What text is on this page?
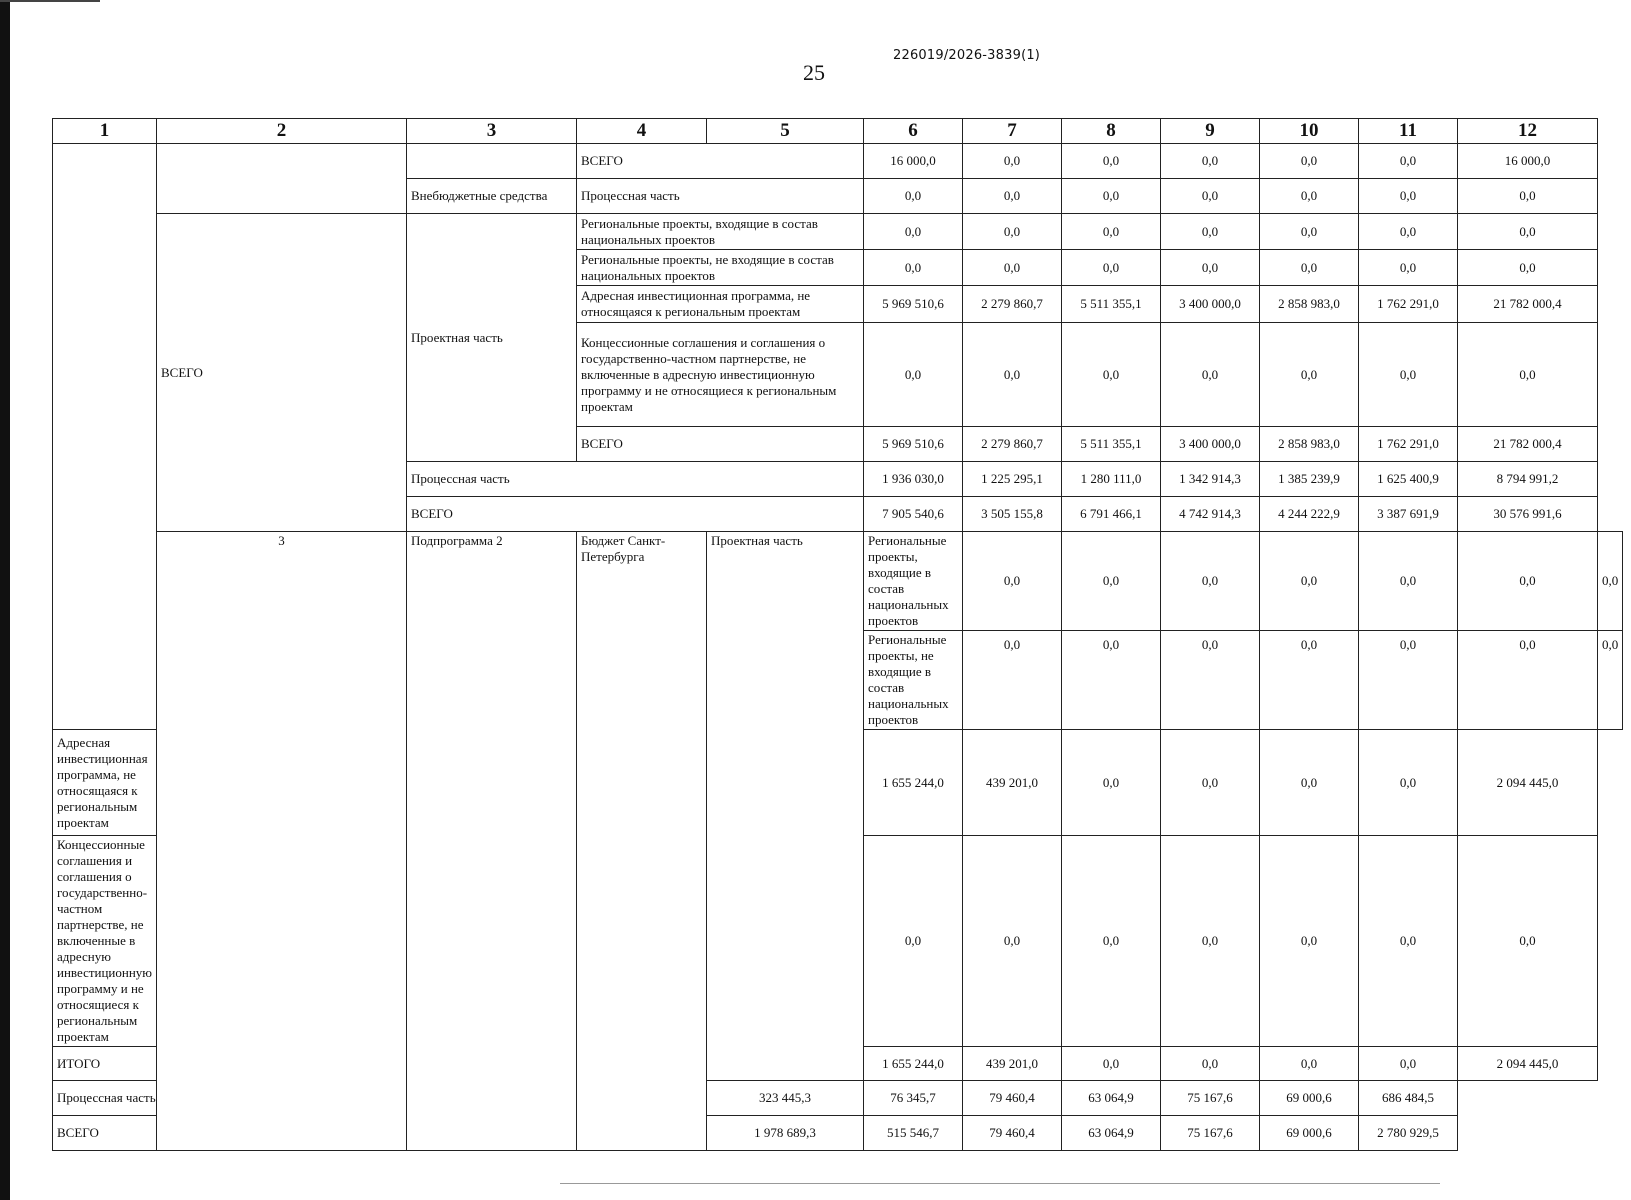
25
226019/2026-3839(1)
1	2	3	4	5	6	7	8	9	10	11	12	
			ВСЕГО		16 000,0	0,0	0,0	0,0	0,0	0,0	16 000,0	
		Внебюджетные средства	Процессная часть		0,0	0,0	0,0	0,0	0,0	0,0	0,0	
	ВСЕГО	Проектная часть	Региональные проекты, входящие в состав национальных проектов		0,0	0,0	0,0	0,0	0,0	0,0	0,0	
			Региональные проекты, не входящие в состав национальных проектов		0,0	0,0	0,0	0,0	0,0	0,0	0,0	
			Адресная инвестиционная программа, не относящаяся к региональным проектам		5 969 510,6	2 279 860,7	5 511 355,1	3 400 000,0	2 858 983,0	1 762 291,0	21 782 000,4	
			Концессионные соглашения и соглашения о государственно-частном партнерстве, не включенные в адресную инвестиционную программу и не относящиеся к региональным проектам		0,0	0,0	0,0	0,0	0,0	0,0	0,0	
			ВСЕГО		5 969 510,6	2 279 860,7	5 511 355,1	3 400 000,0	2 858 983,0	1 762 291,0	21 782 000,4	
		Процессная часть			1 936 030,0	1 225 295,1	1 280 111,0	1 342 914,3	1 385 239,9	1 625 400,9	8 794 991,2	
		ВСЕГО			7 905 540,6	3 505 155,8	6 791 466,1	4 742 914,3	4 244 222,9	3 387 691,9	30 576 991,6	
	3	Подпрограмма 2	Бюджет Санкт-Петербурга	Проектная часть	Региональные проекты, входящие в состав национальных проектов	0,0	0,0	0,0	0,0	0,0	0,0	0,0
					Региональные проекты, не входящие в состав национальных проектов	0,0	0,0	0,0	0,0	0,0	0,0	0,0
Адресная инвестиционная программа, не относящаяся к региональным проектам					1 655 244,0	439 201,0	0,0	0,0	0,0	0,0	2 094 445,0	
Концессионные соглашения и соглашения о государственно-частном партнерстве, не включенные в адресную инвестиционную программу и не относящиеся к региональным проектам					0,0	0,0	0,0	0,0	0,0	0,0	0,0	
ИТОГО					1 655 244,0	439 201,0	0,0	0,0	0,0	0,0	2 094 445,0	
Процессная часть				323 445,3	76 345,7	79 460,4	63 064,9	75 167,6	69 000,6	686 484,5		
ВСЕГО				1 978 689,3	515 546,7	79 460,4	63 064,9	75 167,6	69 000,6	2 780 929,5		
